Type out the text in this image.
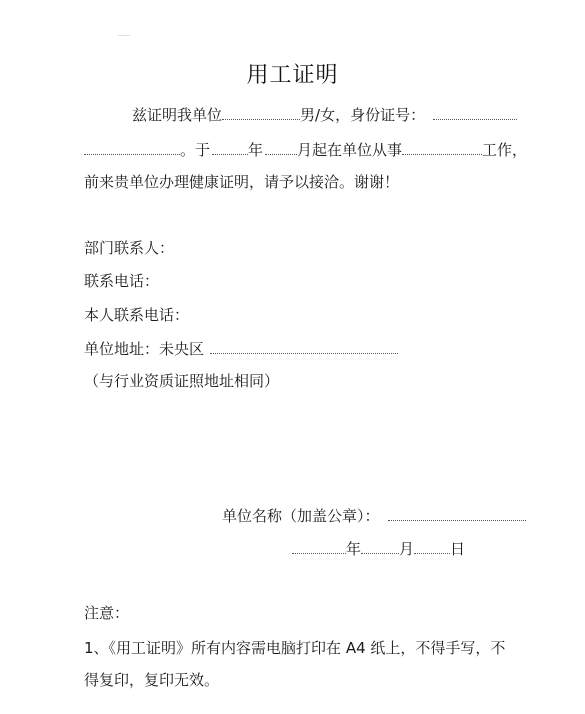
用工证明
兹证明我单位	男/女，身份证号：
。于	年 月起在单位从事	工作，
前来贵单位办理健康证明，请予以接洽。谢谢！
部门联系人：
联系电话：
本人联系电话：
单位地址：未央区
（与行业资质证照地址相同）
单位名称（加盖公章）：
年	月 日
注意：
1、《用工证明》所有内容需电脑打印在 A4 纸上，不得手写，不
得复印，复印无效。
